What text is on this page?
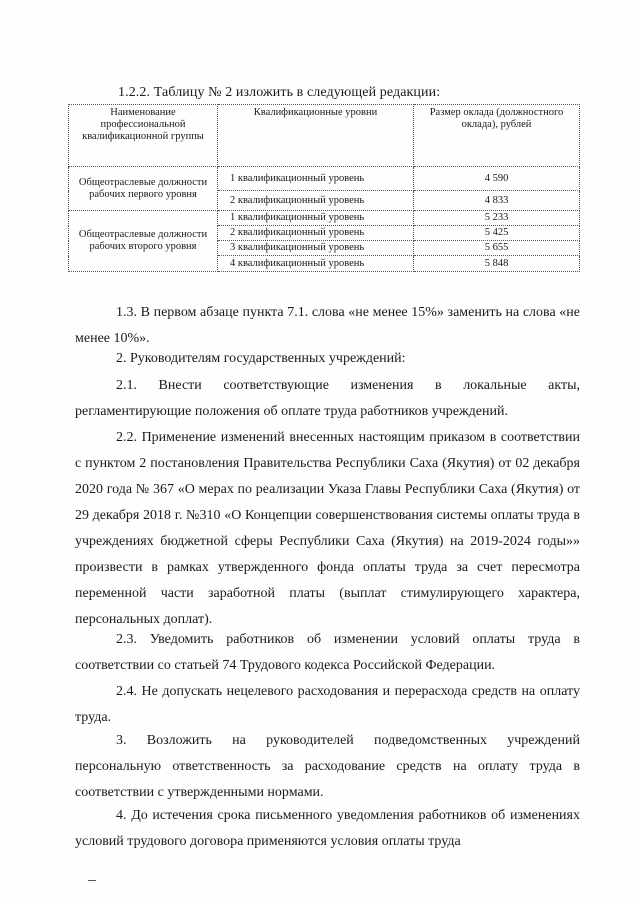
1.2.2. Таблицу № 2 изложить в следующей редакции:
Наименование профессиональной квалификационной группы	Квалификационные уровни	Размер оклада (должностного оклада), рублей
Общеотраслевые должности рабочих первого уровня	1 квалификационный уровень	4 590
	2 квалификационный уровень	4 833
Общеотраслевые должности рабочих второго уровня	1 квалификационный уровень	5 233
	2 квалификационный уровень	5 425
	3 квалификационный уровень	5 655
	4 квалификационный уровень	5 848

1.3. В первом абзаце пункта 7.1. слова «не менее 15%» заменить на слова «не менее 10%».

2. Руководителям государственных учреждений:

2.1. Внести соответствующие изменения в локальные акты, регламентирующие положения об оплате труда работников учреждений.

2.2. Применение изменений внесенных настоящим приказом в соответствии с пунктом 2 постановления Правительства Республики Саха (Якутия) от 02 декабря 2020 года № 367 «О мерах по реализации Указа Главы Республики Саха (Якутия) от 29 декабря 2018 г. №310 «О Концепции совершенствования системы оплаты труда в учреждениях бюджетной сферы Республики Саха (Якутия) на 2019-2024 годы»» произвести в рамках утвержденного фонда оплаты труда за счет пересмотра переменной части заработной платы (выплат стимулирующего характера, персональных доплат).

2.3. Уведомить работников об изменении условий оплаты труда в соответствии со статьей 74 Трудового кодекса Российской Федерации.

2.4. Не допускать нецелевого расходования и перерасхода средств на оплату труда.

3. Возложить на руководителей подведомственных учреждений персональную ответственность за расходование средств на оплату труда в соответствии с утвержденными нормами.

4. До истечения срока письменного уведомления работников об изменениях условий трудового договора применяются условия оплаты труда
